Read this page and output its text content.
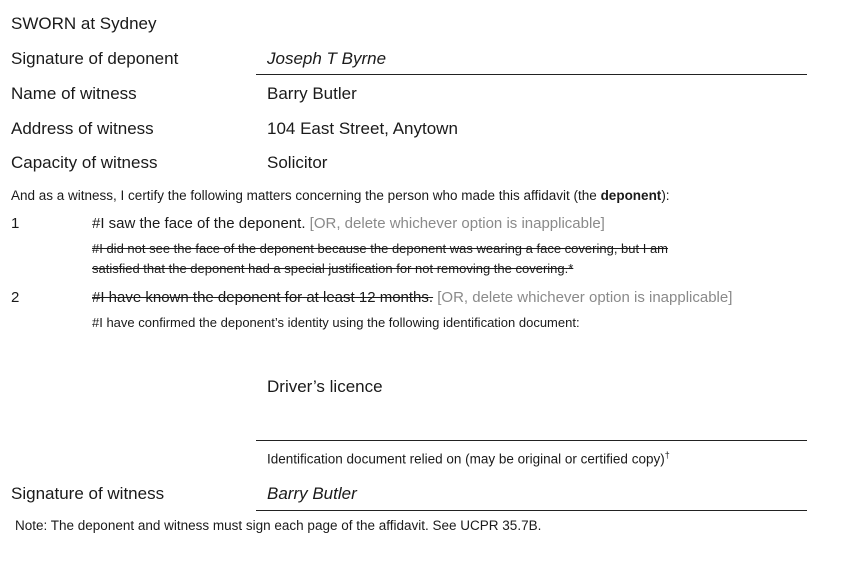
SWORN at Sydney
Signature of deponent	Joseph T Byrne
Name of witness	Barry Butler
Address of witness	104 East Street, Anytown
Capacity of witness	Solicitor
And as a witness, I certify the following matters concerning the person who made this affidavit (the deponent):
1	#I saw the face of the deponent. [OR, delete whichever option is inapplicable]
#I did not see the face of the deponent because the deponent was wearing a face covering, but I am
satisfied that the deponent had a special justification for not removing the covering.*
2	#I have known the deponent for at least 12 months. [OR, delete whichever option is inapplicable]
#I have confirmed the deponent’s identity using the following identification document:
Driver’s licence
Identification document relied on (may be original or certified copy)†
Signature of witness	Barry Butler
Note: The deponent and witness must sign each page of the affidavit. See UCPR 35.7B.
